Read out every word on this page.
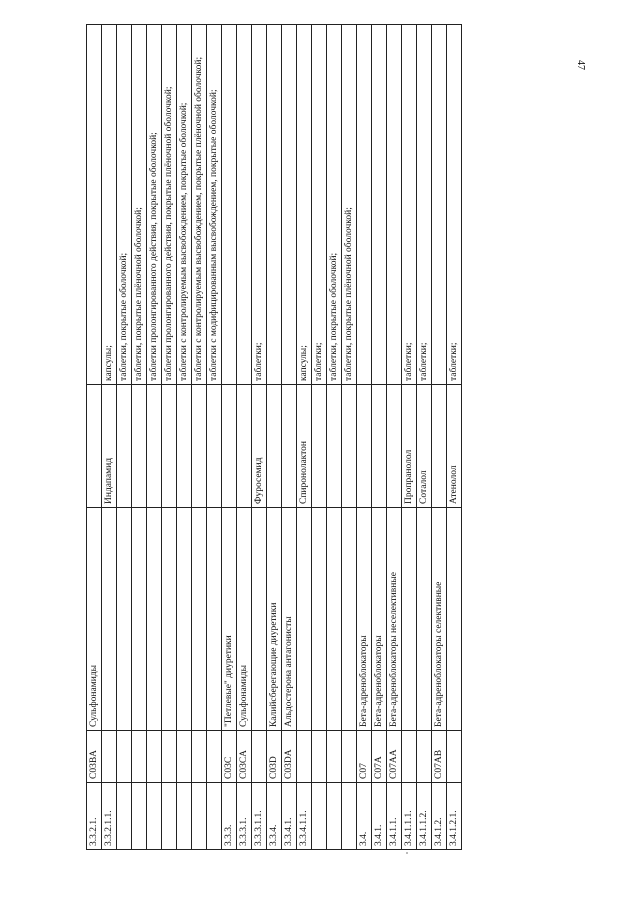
47
3.3.2.1.	C03BA	Сульфонамиды		
3.3.2.1.1.			Индапамид	капсулы;
				таблетки, покрытые оболочкой;
				таблетки, покрытые плёночной оболочкой;
				таблетки пролонгированного действия, покрытые оболочкой;
				таблетки пролонгированного действия, покрытые плёночной оболочкой;
				таблетки с контролируемым высвобождением, покрытые оболочкой;
				таблетки с контролируемым высвобождением, покрытые плёночной оболочкой;
				таблетки с модифицированным высвобождением, покрытые оболочкой;
3.3.3.	C03C	"Петлевые" диуретики		
3.3.3.1.	C03CA	Сульфонамиды		
3.3.3.1.1.			Фуросемид	таблетки;
3.3.4.	C03D	Калийсберегающие диуретики		
3.3.4.1.	C03DA	Альдостерона антагонисты		
3.3.4.1.1.			Спиронолактон	капсулы;
				таблетки;
				таблетки, покрытые оболочкой;
				таблетки, покрытые плёночной оболочкой;
3.4.	C07	Бета-адреноблокаторы		
3.4.1.	C07A	Бета-адреноблокаторы		
3.4.1.1.	C07AA	Бета-адреноблокаторы неселективные		
3.4.1.1.1.			Пропранолол	таблетки;
3.4.1.1.2.			Соталол	таблетки;
3.4.1.2.	C07AB	Бета-адреноблокаторы селективные		
3.4.1.2.1.			Атенолол	таблетки;
